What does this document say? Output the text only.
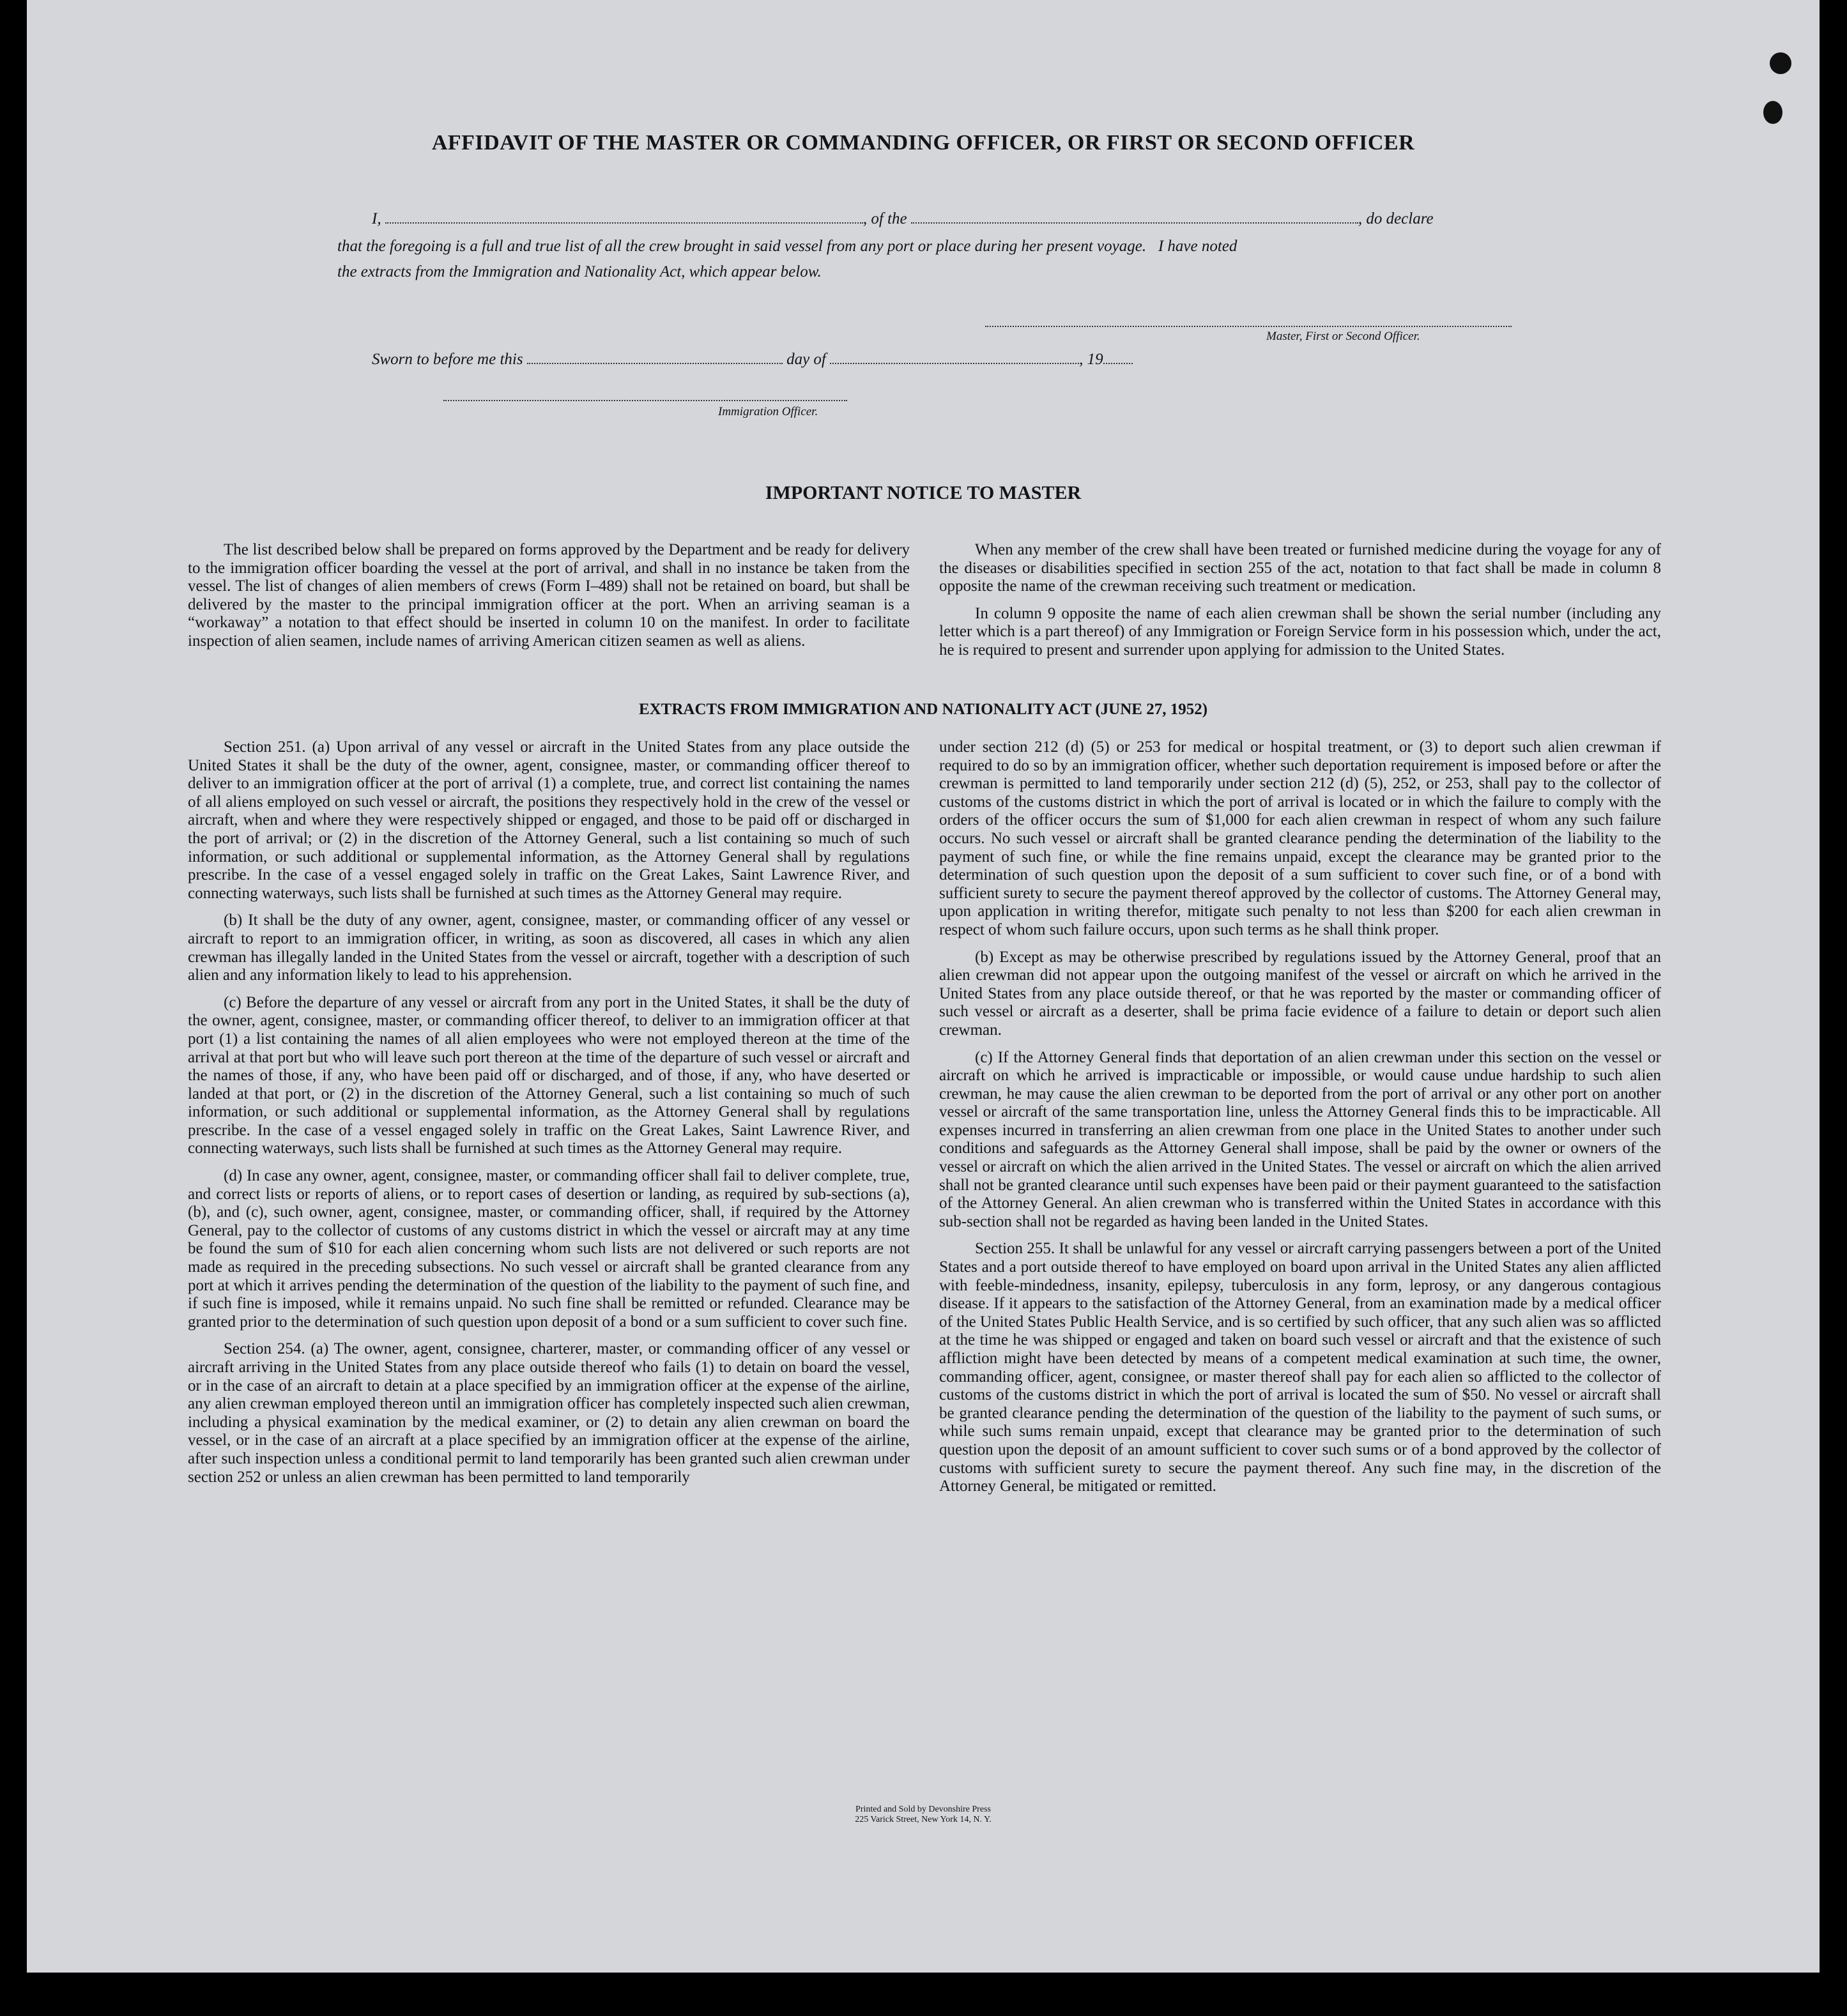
AFFIDAVIT OF THE MASTER OR COMMANDING OFFICER, OR FIRST OR SECOND OFFICER
I,	, of the	, do declare
that the foregoing is a full and true list of all the crew brought in said vessel from any port or place during her present voyage.   I have noted
the extracts from the Immigration and Nationality Act, which appear below.
Master, First or Second Officer.
Sworn to before me this	day of	, 19
Immigration Officer.
IMPORTANT NOTICE TO MASTER

The list described below shall be prepared on forms approved by the Department and be ready for delivery to the immigration officer boarding the vessel at the port of arrival, and shall in no instance be taken from the vessel. The list of changes of alien members of crews (Form I–489) shall not be retained on board, but shall be delivered by the master to the principal immigration officer at the port. When an arriving seaman is a “workaway” a notation to that effect should be inserted in column 10 on the manifest. In order to facilitate inspection of alien seamen, include names of arriving American citizen seamen as well as aliens.

When any member of the crew shall have been treated or furnished medicine during the voyage for any of the diseases or disabilities specified in section 255 of the act, notation to that fact shall be made in column 8 opposite the name of the crewman receiving such treatment or medication.

In column 9 opposite the name of each alien crewman shall be shown the serial number (including any letter which is a part thereof) of any Immigration or Foreign Service form in his possession which, under the act, he is required to present and surrender upon applying for admission to the United States.

EXTRACTS FROM IMMIGRATION AND NATIONALITY ACT (JUNE 27, 1952)

Section 251. (a) Upon arrival of any vessel or aircraft in the United States from any place outside the United States it shall be the duty of the owner, agent, consignee, master, or commanding officer thereof to deliver to an immigration officer at the port of arrival (1) a complete, true, and correct list containing the names of all aliens employed on such vessel or aircraft, the positions they respectively hold in the crew of the vessel or aircraft, when and where they were respectively shipped or engaged, and those to be paid off or discharged in the port of arrival; or (2) in the discretion of the Attorney General, such a list containing so much of such information, or such additional or supplemental information, as the Attorney General shall by regulations prescribe. In the case of a vessel engaged solely in traffic on the Great Lakes, Saint Lawrence River, and connecting waterways, such lists shall be furnished at such times as the Attorney General may require.

(b) It shall be the duty of any owner, agent, consignee, master, or commanding officer of any vessel or aircraft to report to an immigration officer, in writing, as soon as discovered, all cases in which any alien crewman has illegally landed in the United States from the vessel or aircraft, together with a description of such alien and any information likely to lead to his apprehension.

(c) Before the departure of any vessel or aircraft from any port in the United States, it shall be the duty of the owner, agent, consignee, master, or commanding officer thereof, to deliver to an immigration officer at that port (1) a list containing the names of all alien employees who were not employed thereon at the time of the arrival at that port but who will leave such port thereon at the time of the departure of such vessel or aircraft and the names of those, if any, who have been paid off or discharged, and of those, if any, who have deserted or landed at that port, or (2) in the discretion of the Attorney General, such a list containing so much of such information, or such additional or supplemental information, as the Attorney General shall by regulations prescribe. In the case of a vessel engaged solely in traffic on the Great Lakes, Saint Lawrence River, and connecting waterways, such lists shall be furnished at such times as the Attorney General may require.

(d) In case any owner, agent, consignee, master, or commanding officer shall fail to deliver complete, true, and correct lists or reports of aliens, or to report cases of desertion or landing, as required by sub-sections (a), (b), and (c), such owner, agent, consignee, master, or commanding officer, shall, if required by the Attorney General, pay to the collector of customs of any customs district in which the vessel or aircraft may at any time be found the sum of $10 for each alien concerning whom such lists are not delivered or such reports are not made as required in the preceding subsections. No such vessel or aircraft shall be granted clearance from any port at which it arrives pending the determination of the question of the liability to the payment of such fine, and if such fine is imposed, while it remains unpaid. No such fine shall be remitted or refunded. Clearance may be granted prior to the determination of such question upon deposit of a bond or a sum sufficient to cover such fine.

Section 254. (a) The owner, agent, consignee, charterer, master, or commanding officer of any vessel or aircraft arriving in the United States from any place outside thereof who fails (1) to detain on board the vessel, or in the case of an aircraft to detain at a place specified by an immigration officer at the expense of the airline, any alien crewman employed thereon until an immigration officer has completely inspected such alien crewman, including a physical examination by the medical examiner, or (2) to detain any alien crewman on board the vessel, or in the case of an aircraft at a place specified by an immigration officer at the expense of the airline, after such inspection unless a conditional permit to land temporarily has been granted such alien crewman under section 252 or unless an alien crewman has been permitted to land temporarily

under section 212 (d) (5) or 253 for medical or hospital treatment, or (3) to deport such alien crewman if required to do so by an immigration officer, whether such deportation requirement is imposed before or after the crewman is permitted to land temporarily under section 212 (d) (5), 252, or 253, shall pay to the collector of customs of the customs district in which the port of arrival is located or in which the failure to comply with the orders of the officer occurs the sum of $1,000 for each alien crewman in respect of whom any such failure occurs. No such vessel or aircraft shall be granted clearance pending the determination of the liability to the payment of such fine, or while the fine remains unpaid, except the clearance may be granted prior to the determination of such question upon the deposit of a sum sufficient to cover such fine, or of a bond with sufficient surety to secure the payment thereof approved by the collector of customs. The Attorney General may, upon application in writing therefor, mitigate such penalty to not less than $200 for each alien crewman in respect of whom such failure occurs, upon such terms as he shall think proper.

(b) Except as may be otherwise prescribed by regulations issued by the Attorney General, proof that an alien crewman did not appear upon the outgoing manifest of the vessel or aircraft on which he arrived in the United States from any place outside thereof, or that he was reported by the master or commanding officer of such vessel or aircraft as a deserter, shall be prima facie evidence of a failure to detain or deport such alien crewman.

(c) If the Attorney General finds that deportation of an alien crewman under this section on the vessel or aircraft on which he arrived is impracticable or impossible, or would cause undue hardship to such alien crewman, he may cause the alien crewman to be deported from the port of arrival or any other port on another vessel or aircraft of the same transportation line, unless the Attorney General finds this to be impracticable. All expenses incurred in transferring an alien crewman from one place in the United States to another under such conditions and safeguards as the Attorney General shall impose, shall be paid by the owner or owners of the vessel or aircraft on which the alien arrived in the United States. The vessel or aircraft on which the alien arrived shall not be granted clearance until such expenses have been paid or their payment guaranteed to the satisfaction of the Attorney General. An alien crewman who is transferred within the United States in accordance with this sub-section shall not be regarded as having been landed in the United States.

Section 255. It shall be unlawful for any vessel or aircraft carrying passengers between a port of the United States and a port outside thereof to have employed on board upon arrival in the United States any alien afflicted with feeble-mindedness, insanity, epilepsy, tuberculosis in any form, leprosy, or any dangerous contagious disease. If it appears to the satisfaction of the Attorney General, from an examination made by a medical officer of the United States Public Health Service, and is so certified by such officer, that any such alien was so afflicted at the time he was shipped or engaged and taken on board such vessel or aircraft and that the existence of such affliction might have been detected by means of a competent medical examination at such time, the owner, commanding officer, agent, consignee, or master thereof shall pay for each alien so afflicted to the collector of customs of the customs district in which the port of arrival is located the sum of $50. No vessel or aircraft shall be granted clearance pending the determination of the question of the liability to the payment of such sums, or while such sums remain unpaid, except that clearance may be granted prior to the determination of such question upon the deposit of an amount sufficient to cover such sums or of a bond approved by the collector of customs with sufficient surety to secure the payment thereof. Any such fine may, in the discretion of the Attorney General, be mitigated or remitted.

Printed and Sold by Devonshire Press
225 Varick Street, New York 14, N. Y.
